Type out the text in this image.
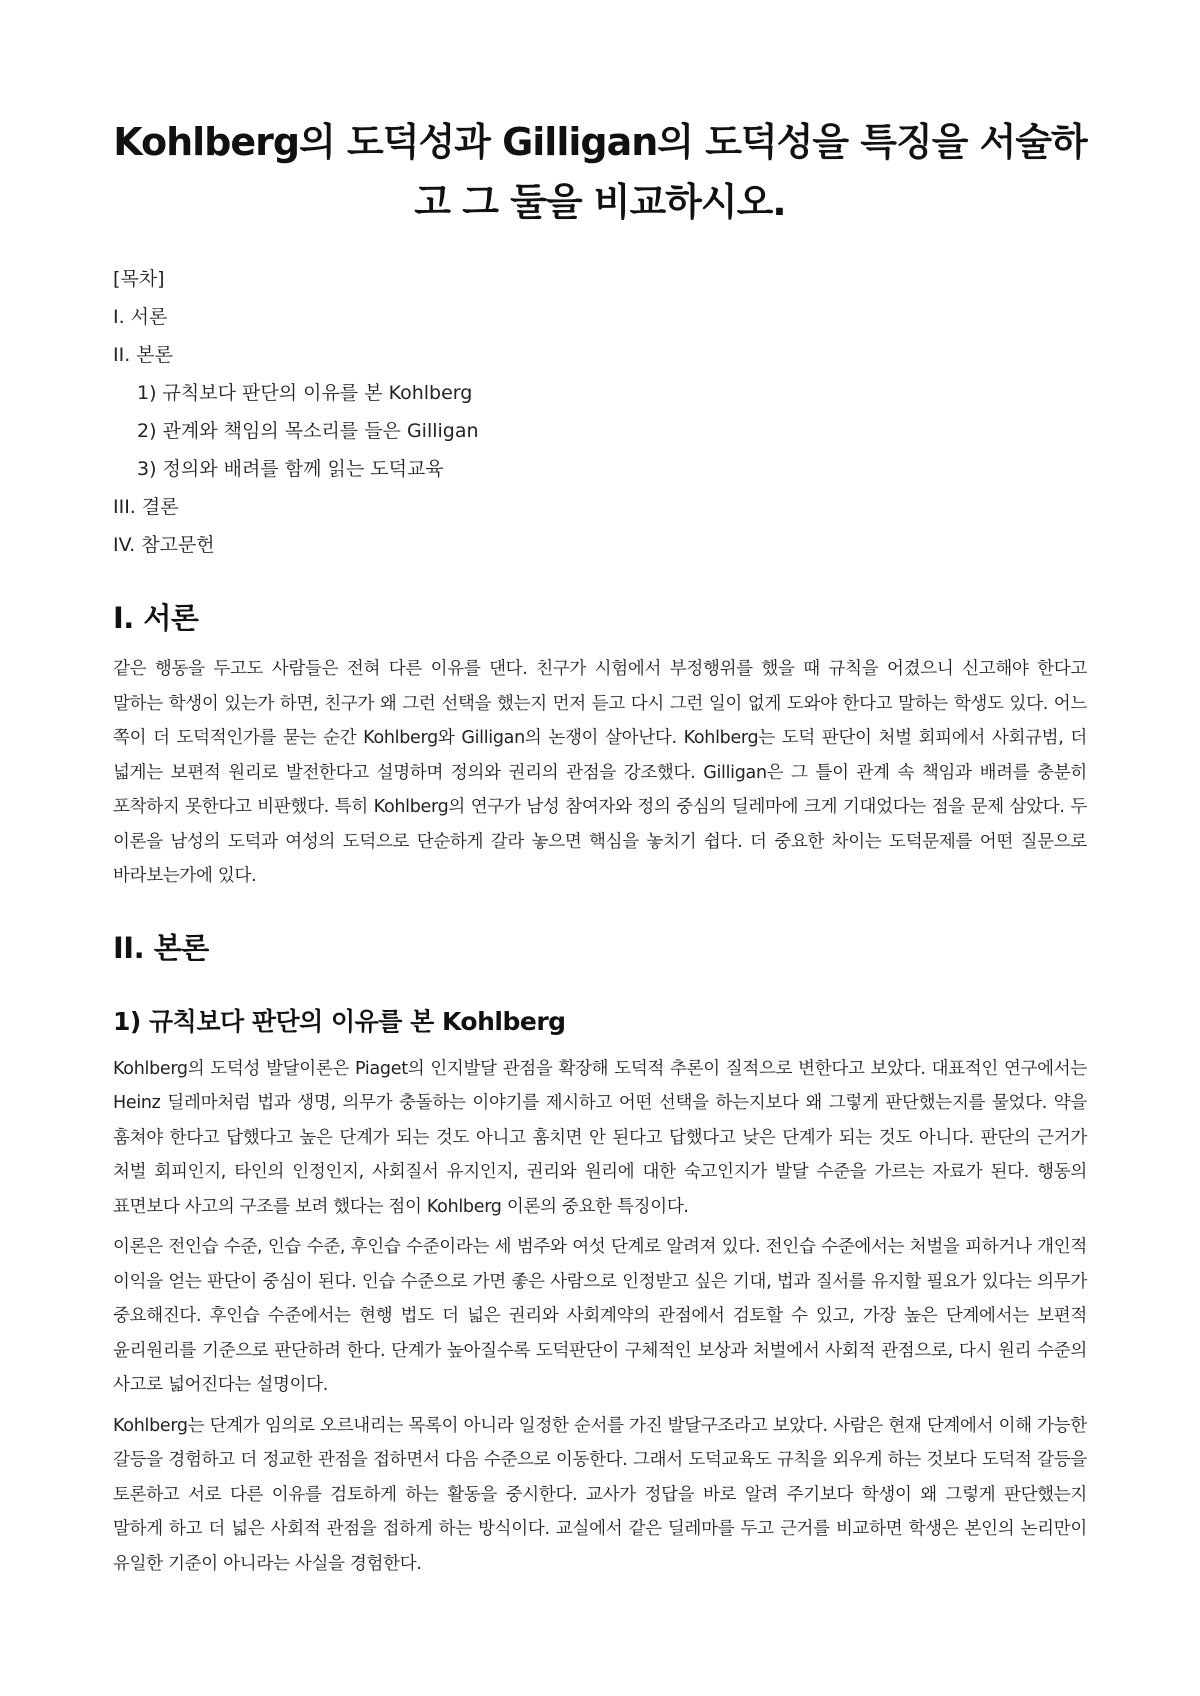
Kohlberg의 도덕성과 Gilligan의 도덕성을 특징을 서술하고 그 둘을 비교하시오.
[목차]
I. 서론
II. 본론
1) 규칙보다 판단의 이유를 본 Kohlberg
2) 관계와 책임의 목소리를 들은 Gilligan
3) 정의와 배려를 함께 읽는 도덕교육
III. 결론
IV. 참고문헌
I. 서론

같은 행동을 두고도 사람들은 전혀 다른 이유를 댄다. 친구가 시험에서 부정행위를 했을 때 규칙을 어겼으니 신고해야 한다고 말하는 학생이 있는가 하면, 친구가 왜 그런 선택을 했는지 먼저 듣고 다시 그런 일이 없게 도와야 한다고 말하는 학생도 있다. 어느 쪽이 더 도덕적인가를 묻는 순간 Kohlberg와 Gilligan의 논쟁이 살아난다. Kohlberg는 도덕 판단이 처벌 회피에서 사회규범, 더 넓게는 보편적 원리로 발전한다고 설명하며 정의와 권리의 관점을 강조했다. Gilligan은 그 틀이 관계 속 책임과 배려를 충분히 포착하지 못한다고 비판했다. 특히 Kohlberg의 연구가 남성 참여자와 정의 중심의 딜레마에 크게 기대었다는 점을 문제 삼았다. 두 이론을 남성의 도덕과 여성의 도덕으로 단순하게 갈라 놓으면 핵심을 놓치기 쉽다. 더 중요한 차이는 도덕문제를 어떤 질문으로 바라보는가에 있다.

II. 본론
1) 규칙보다 판단의 이유를 본 Kohlberg

Kohlberg의 도덕성 발달이론은 Piaget의 인지발달 관점을 확장해 도덕적 추론이 질적으로 변한다고 보았다. 대표적인 연구에서는 Heinz 딜레마처럼 법과 생명, 의무가 충돌하는 이야기를 제시하고 어떤 선택을 하는지보다 왜 그렇게 판단했는지를 물었다. 약을 훔쳐야 한다고 답했다고 높은 단계가 되는 것도 아니고 훔치면 안 된다고 답했다고 낮은 단계가 되는 것도 아니다. 판단의 근거가 처벌 회피인지, 타인의 인정인지, 사회질서 유지인지, 권리와 원리에 대한 숙고인지가 발달 수준을 가르는 자료가 된다. 행동의 표면보다 사고의 구조를 보려 했다는 점이 Kohlberg 이론의 중요한 특징이다.

이론은 전인습 수준, 인습 수준, 후인습 수준이라는 세 범주와 여섯 단계로 알려져 있다. 전인습 수준에서는 처벌을 피하거나 개인적 이익을 얻는 판단이 중심이 된다. 인습 수준으로 가면 좋은 사람으로 인정받고 싶은 기대, 법과 질서를 유지할 필요가 있다는 의무가 중요해진다. 후인습 수준에서는 현행 법도 더 넓은 권리와 사회계약의 관점에서 검토할 수 있고, 가장 높은 단계에서는 보편적 윤리원리를 기준으로 판단하려 한다. 단계가 높아질수록 도덕판단이 구체적인 보상과 처벌에서 사회적 관점으로, 다시 원리 수준의 사고로 넓어진다는 설명이다.

Kohlberg는 단계가 임의로 오르내리는 목록이 아니라 일정한 순서를 가진 발달구조라고 보았다. 사람은 현재 단계에서 이해 가능한 갈등을 경험하고 더 정교한 관점을 접하면서 다음 수준으로 이동한다. 그래서 도덕교육도 규칙을 외우게 하는 것보다 도덕적 갈등을 토론하고 서로 다른 이유를 검토하게 하는 활동을 중시한다. 교사가 정답을 바로 알려 주기보다 학생이 왜 그렇게 판단했는지 말하게 하고 더 넓은 사회적 관점을 접하게 하는 방식이다. 교실에서 같은 딜레마를 두고 근거를 비교하면 학생은 본인의 논리만이 유일한 기준이 아니라는 사실을 경험한다.
